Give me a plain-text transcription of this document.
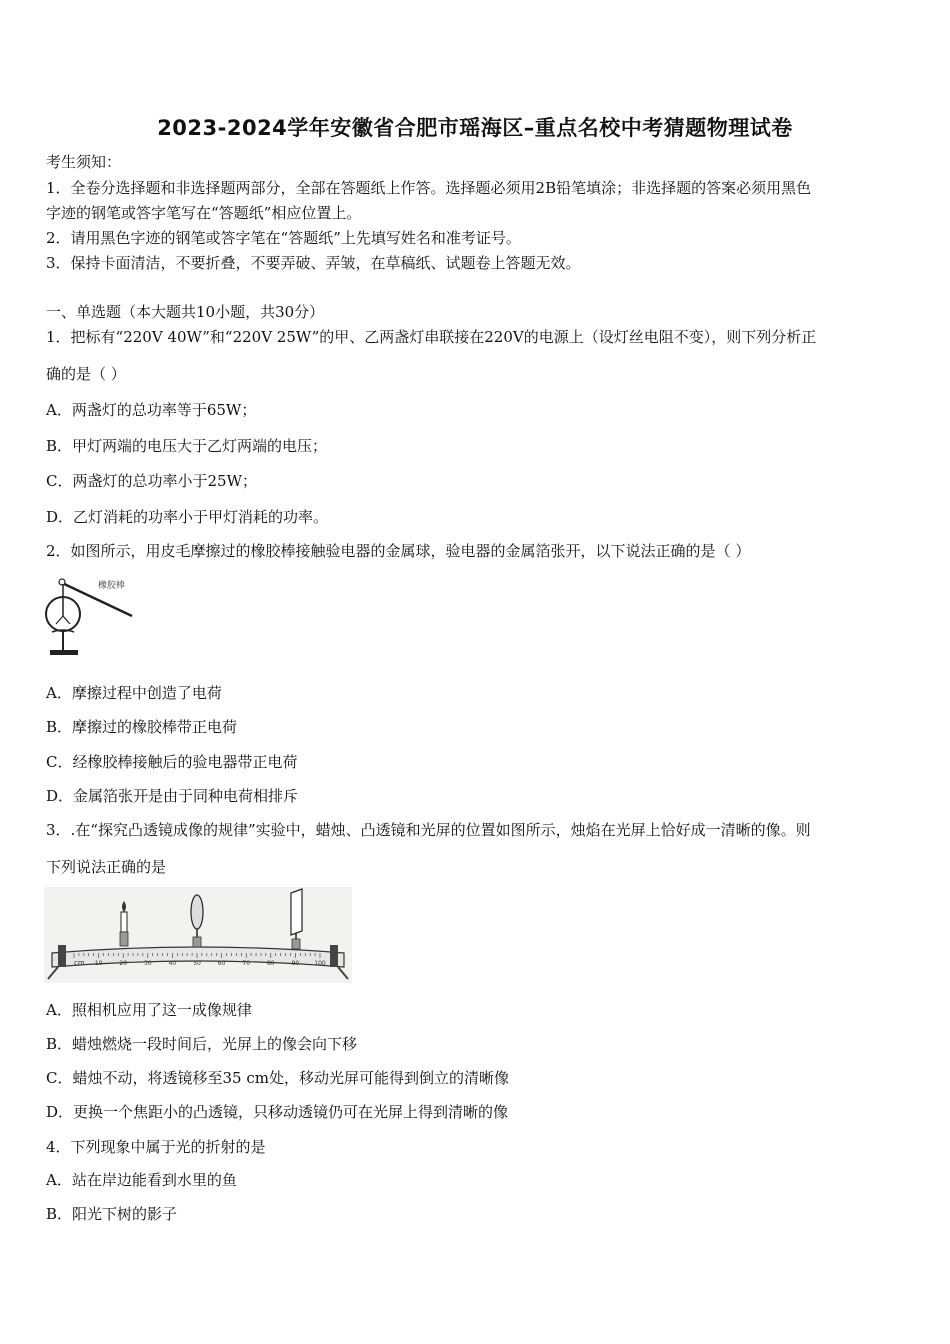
2023-2024学年安徽省合肥市瑶海区–重点名校中考猜题物理试卷
考生须知：
1．全卷分选择题和非选择题两部分，全部在答题纸上作答。选择题必须用2B铅笔填涂；非选择题的答案必须用黑色
字迹的钢笔或答字笔写在“答题纸”相应位置上。
2．请用黑色字迹的钢笔或答字笔在“答题纸”上先填写姓名和准考证号。
3．保持卡面清洁，不要折叠，不要弄破、弄皱，在草稿纸、试题卷上答题无效。
一、单选题（本大题共10小题，共30分）
1．把标有“220V 40W”和“220V 25W”的甲、乙两盏灯串联接在220V的电源上（设灯丝电阻不变），则下列分析正
确的是（ ）
A．两盏灯的总功率等于65W；
B．甲灯两端的电压大于乙灯两端的电压；
C．两盏灯的总功率小于25W；
D．乙灯消耗的功率小于甲灯消耗的功率。
2．如图所示，用皮毛摩擦过的橡胶棒接触验电器的金属球，验电器的金属箔张开，以下说法正确的是（ ）
橡胶棒
A．摩擦过程中创造了电荷
B．摩擦过的橡胶棒带正电荷
C．经橡胶棒接触后的验电器带正电荷
D．金属箔张开是由于同种电荷相排斥
3．.在“探究凸透镜成像的规律”实验中，蜡烛、凸透镜和光屏的位置如图所示，烛焰在光屏上恰好成一清晰的像。则
下列说法正确的是
10	20	30	40	50	60	70	80	90	100
cm
A．照相机应用了这一成像规律
B．蜡烛燃烧一段时间后，光屏上的像会向下移
C．蜡烛不动，将透镜移至35 cm处，移动光屏可能得到倒立的清晰像
D．更换一个焦距小的凸透镜，只移动透镜仍可在光屏上得到清晰的像
4．下列现象中属于光的折射的是
A．站在岸边能看到水里的鱼
B．阳光下树的影子
